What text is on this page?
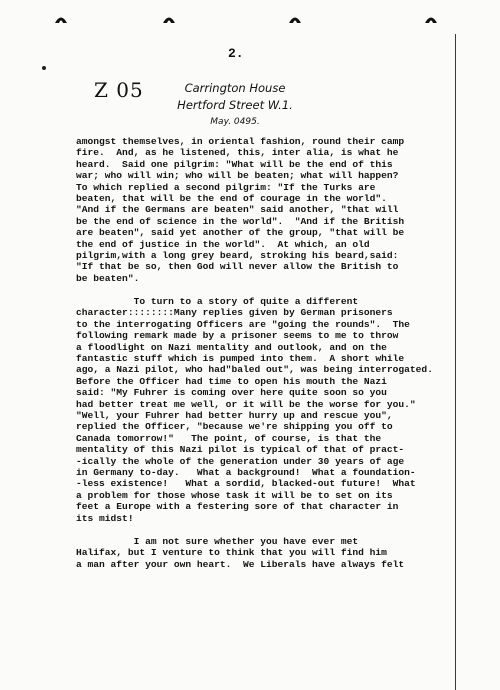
2.
Z 05	Carrington House
Hertford Street W.1.
May. 0495.
amongst themselves, in oriental fashion, round their camp
fire.  And, as he listened, this, inter alia, is what he
heard.  Said one pilgrim: "What will be the end of this
war; who will win; who will be beaten; what will happen?
To which replied a second pilgrim: "If the Turks are
beaten, that will be the end of courage in the world".
"And if the Germans are beaten" said another, "that will
be the end of science in the world".  "And if the British
are beaten", said yet another of the group, "that will be
the end of justice in the world".  At which, an old
pilgrim,with a long grey beard, stroking his beard,said:
"If that be so, then God will never allow the British to
be beaten".
To turn to a story of quite a different
character::::::::Many replies given by German prisoners
to the interrogating Officers are "going the rounds".  The
following remark made by a prisoner seems to me to throw
a floodlight on Nazi mentality and outlook, and on the
fantastic stuff which is pumped into them.  A short while
ago, a Nazi pilot, who had"baled out", was being interrogated.
Before the Officer had time to open his mouth the Nazi
said: "My Fuhrer is coming over here quite soon so you
had better treat me well, or it will be the worse for you."
"Well, your Fuhrer had better hurry up and rescue you",
replied the Officer, "because we're shipping you off to
Canada tomorrow!"   The point, of course, is that the
mentality of this Nazi pilot is typical of that of pract-
-ically the whole of the generation under 30 years of age
in Germany to-day.   What a background!  What a foundation-
-less existence!   What a sordid, blacked-out future!  What
a problem for those whose task it will be to set on its
feet a Europe with a festering sore of that character in
its midst!
I am not sure whether you have ever met
Halifax, but I venture to think that you will find him
a man after your own heart.  We Liberals have always felt
